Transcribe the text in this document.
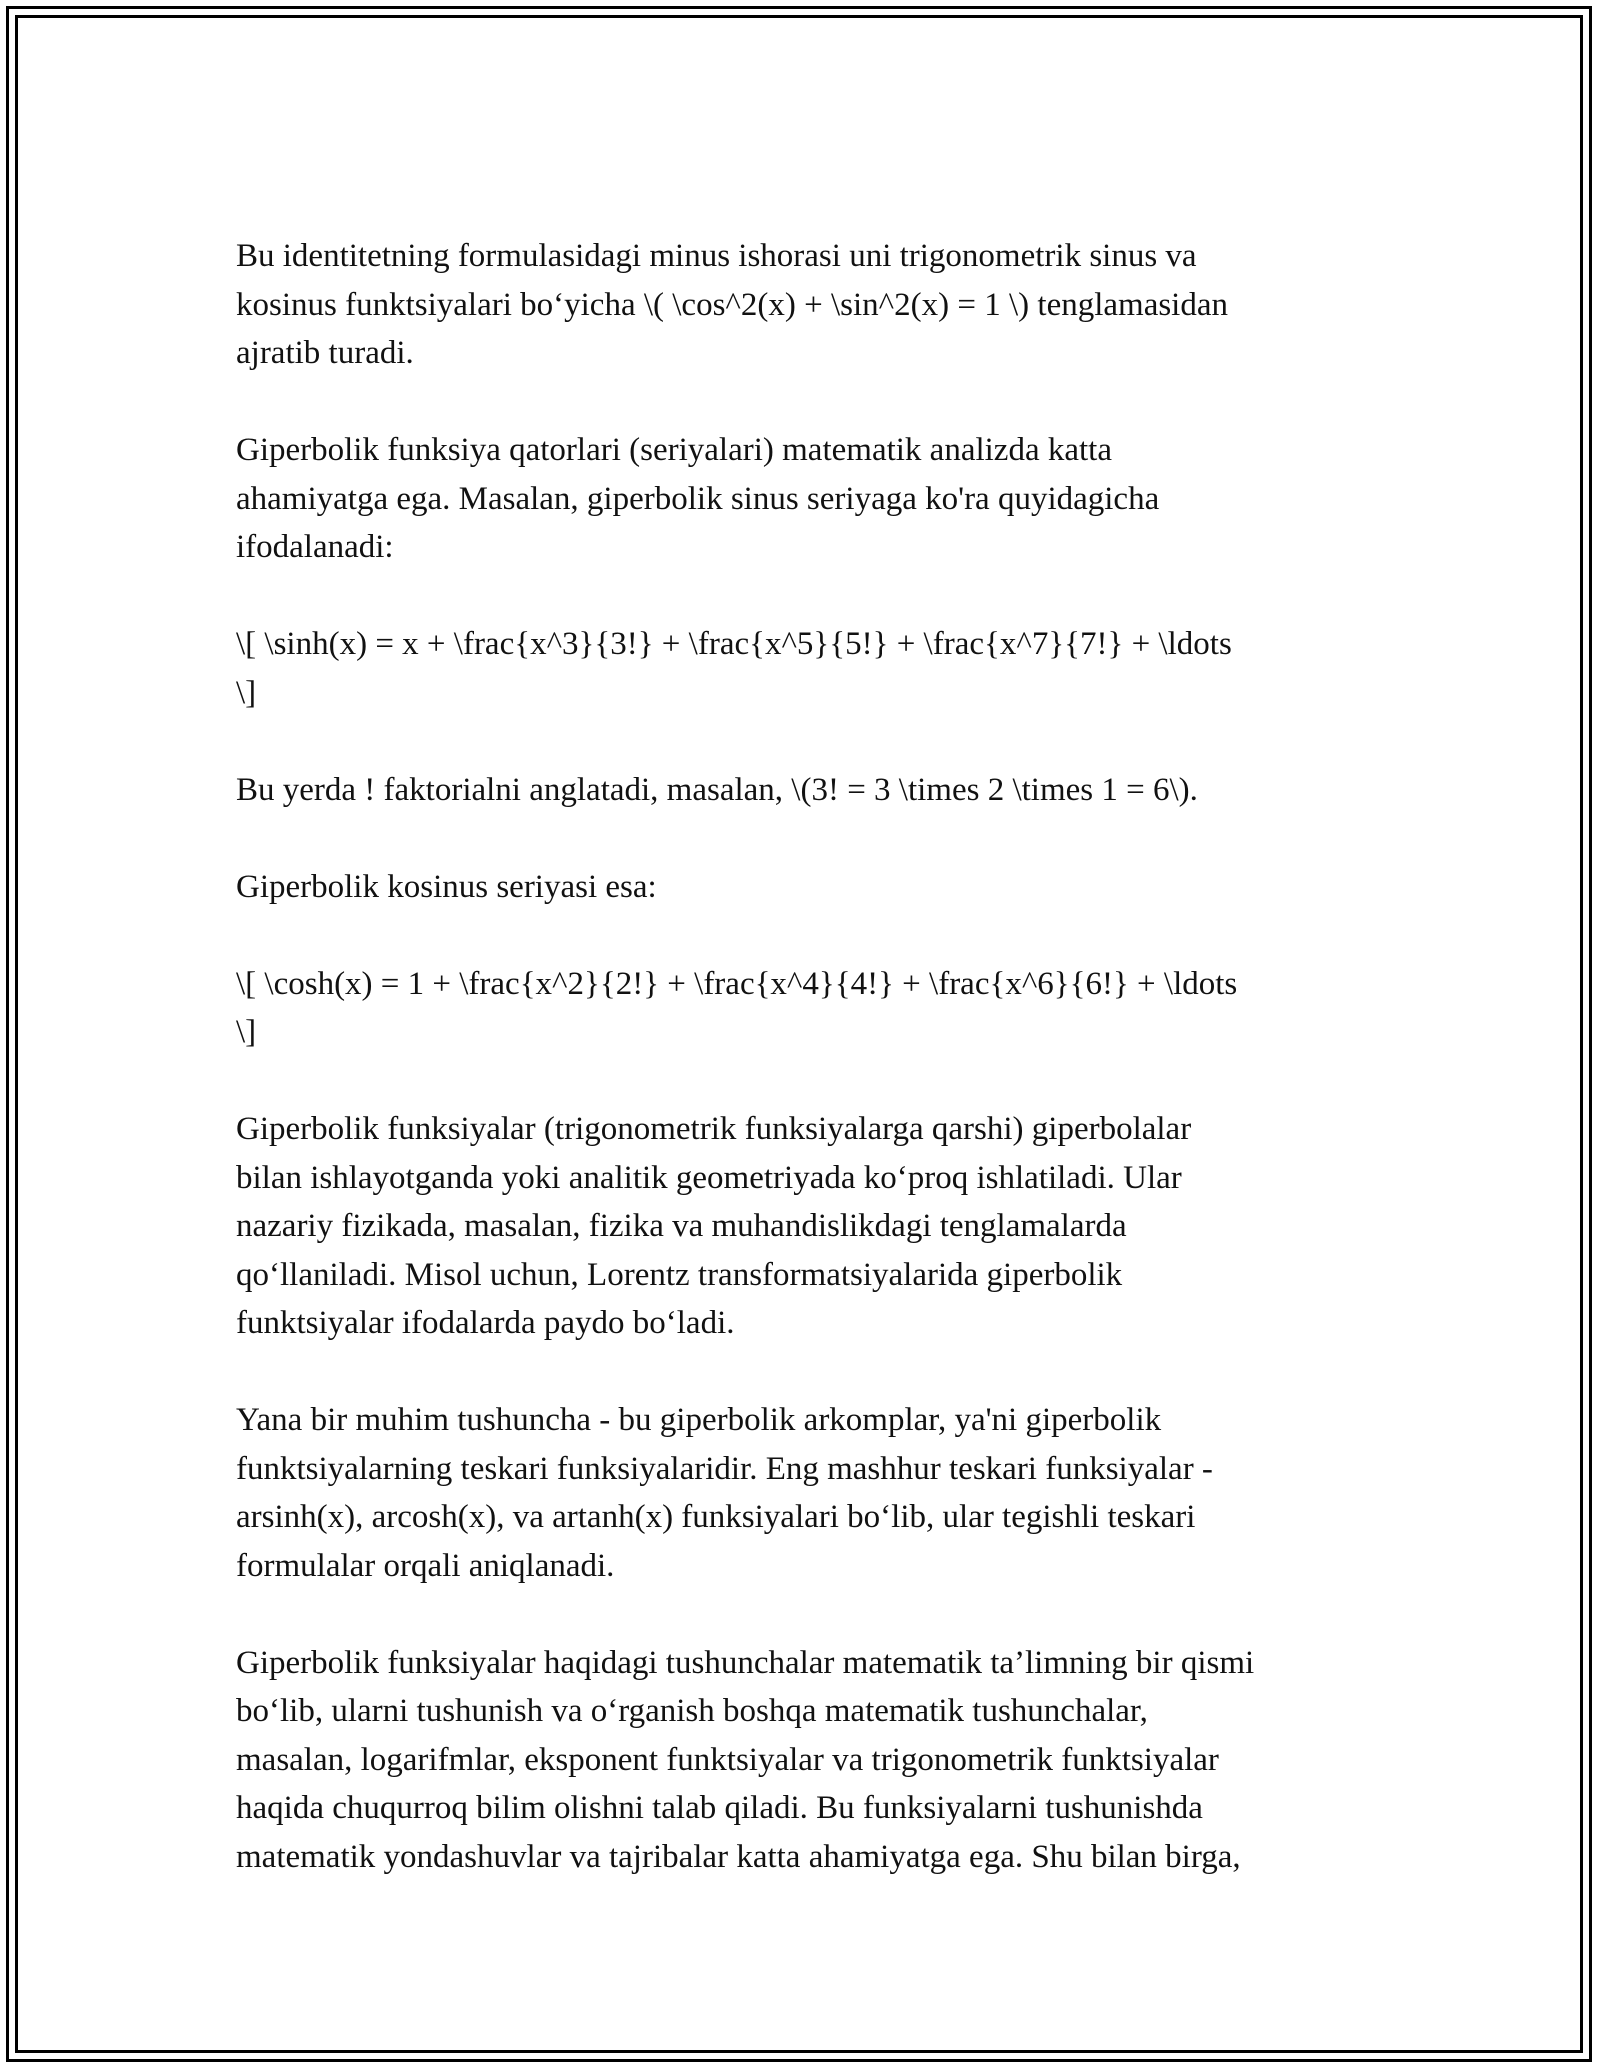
Bu identitetning formulasidagi minus ishorasi uni trigonometrik sinus va
kosinus funktsiyalari bo‘yicha \( \cos^2(x) + \sin^2(x) = 1 \) tenglamasidan
ajratib turadi.

Giperbolik funksiya qatorlari (seriyalari) matematik analizda katta
ahamiyatga ega. Masalan, giperbolik sinus seriyaga ko'ra quyidagicha
ifodalanadi:

\[ \sinh(x) = x + \frac{x^3}{3!} + \frac{x^5}{5!} + \frac{x^7}{7!} + \ldots
\]

Bu yerda ! faktorialni anglatadi, masalan, \(3! = 3 \times 2 \times 1 = 6\).

Giperbolik kosinus seriyasi esa:

\[ \cosh(x) = 1 + \frac{x^2}{2!} + \frac{x^4}{4!} + \frac{x^6}{6!} + \ldots
\]

Giperbolik funksiyalar (trigonometrik funksiyalarga qarshi) giperbolalar
bilan ishlayotganda yoki analitik geometriyada ko‘proq ishlatiladi. Ular
nazariy fizikada, masalan, fizika va muhandislikdagi tenglamalarda
qo‘llaniladi. Misol uchun, Lorentz transformatsiyalarida giperbolik
funktsiyalar ifodalarda paydo bo‘ladi.

Yana bir muhim tushuncha - bu giperbolik arkomplar, ya'ni giperbolik
funktsiyalarning teskari funksiyalaridir. Eng mashhur teskari funksiyalar -
arsinh(x), arcosh(x), va artanh(x) funksiyalari bo‘lib, ular tegishli teskari
formulalar orqali aniqlanadi.

Giperbolik funksiyalar haqidagi tushunchalar matematik ta’limning bir qismi
bo‘lib, ularni tushunish va o‘rganish boshqa matematik tushunchalar,
masalan, logarifmlar, eksponent funktsiyalar va trigonometrik funktsiyalar
haqida chuqurroq bilim olishni talab qiladi. Bu funksiyalarni tushunishda
matematik yondashuvlar va tajribalar katta ahamiyatga ega. Shu bilan birga,
